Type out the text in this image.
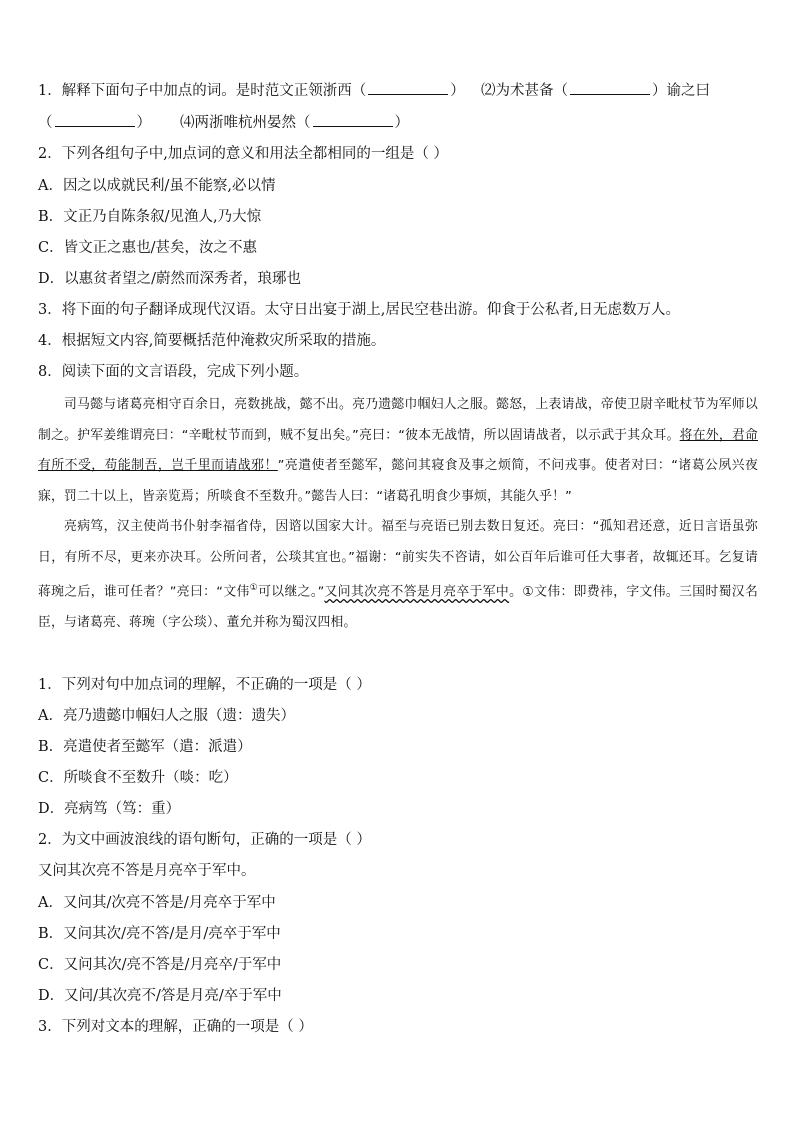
1．解释下面句子中加点的词。是时范文正领浙西（	） ⑵为术甚备（	）谕之曰
（	） ⑷两浙唯杭州晏然（	）
2．下列各组句子中,加点词的意义和用法全都相同的一组是（ ）
A．因之以成就民利/虽不能察,必以情
B．文正乃自陈条叙/见渔人,乃大惊
C．皆文正之惠也/甚矣，汝之不惠
D．以惠贫者望之/蔚然而深秀者，琅琊也
3．将下面的句子翻译成现代汉语。太守日出宴于湖上,居民空巷出游。仰食于公私者,日无虑数万人。
4．根据短文内容,简要概括范仲淹救灾所采取的措施。
8．阅读下面的文言语段，完成下列小题。

司马懿与诸葛亮相守百余日，亮数挑战，懿不出。亮乃遗懿巾帼妇人之服。懿怒，上表请战，帝使卫尉辛毗杖节为军师以制之。护军姜维谓亮曰：“辛毗杖节而到，贼不复出矣。”亮曰：“彼本无战情，所以固请战者，以示武于其众耳。将在外，君命有所不受，苟能制吾，岂千里而请战邪！”亮遣使者至懿军，懿问其寝食及事之烦简，不问戎事。使者对曰：“诸葛公夙兴夜寐，罚二十以上，皆亲览焉；所啖食不至数升。”懿告人曰：“诸葛孔明食少事烦，其能久乎！”

亮病笃，汉主使尚书仆射李福省侍，因谘以国家大计。福至与亮语已别去数日复还。亮曰：“孤知君还意，近日言语虽弥日，有所不尽，更来亦决耳。公所问者，公琰其宜也。”福谢：“前实失不咨请，如公百年后谁可任大事者，故辄还耳。乞复请蒋琬之后，谁可任者？”亮曰：“文伟①可以继之。”又问其次亮不答是月亮卒于军中。①文伟：即费祎，字文伟。三国时蜀汉名臣，与诸葛亮、蒋琬（字公琰）、董允并称为蜀汉四相。

1．下列对句中加点词的理解，不正确的一项是（ ）
A．亮乃遗懿巾帼妇人之服（遗：遗失）
B．亮遣使者至懿军（遣：派遣）
C．所啖食不至数升（啖：吃）
D．亮病笃（笃：重）
2．为文中画波浪线的语句断句，正确的一项是（ ）
又问其次亮不答是月亮卒于军中。
A．又问其/次亮不答是/月亮卒于军中
B．又问其次/亮不答/是月/亮卒于军中
C．又问其次/亮不答是/月亮卒/于军中
D．又问/其次亮不/答是月亮/卒于军中
3．下列对文本的理解，正确的一项是（ ）
